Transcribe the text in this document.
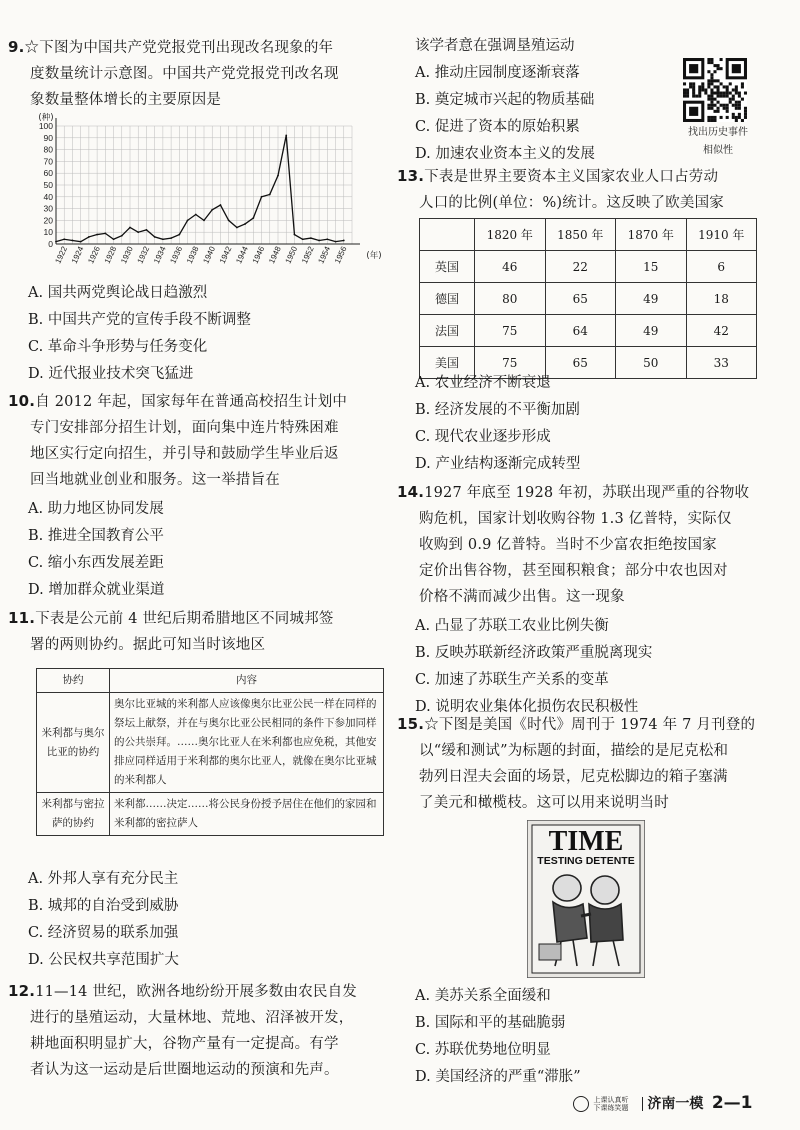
9.☆下图为中国共产党党报党刊出现改名现象的年
度数量统计示意图。中国共产党党报党刊改名现
象数量整体增长的主要原因是
0
10
20
30
40
50
60
70
80
90
100
(种)
(年)
1922 1924 1926 1928 1930 1932 1934 1936 1938 1940 1942 1944 1946 1948 1950 1952 1954 1956
A. 国共两党舆论战日趋激烈
B. 中国共产党的宣传手段不断调整
C. 革命斗争形势与任务变化
D. 近代报业技术突飞猛进
10.自 2012 年起，国家每年在普通高校招生计划中
专门安排部分招生计划，面向集中连片特殊困难
地区实行定向招生，并引导和鼓励学生毕业后返
回当地就业创业和服务。这一举措旨在
A. 助力地区协同发展
B. 推进全国教育公平
C. 缩小东西发展差距
D. 增加群众就业渠道
11.下表是公元前 4 世纪后期希腊地区不同城邦签
署的两则协约。据此可知当时该地区
协约	内容
米利都与奥尔比亚的协约	奥尔比亚城的米利都人应该像奥尔比亚公民一样在同样的祭坛上献祭，并在与奥尔比亚公民相同的条件下参加同样的公共崇拜。……奥尔比亚人在米利都也应免税，其他安排应同样适用于米利都的奥尔比亚人，就像在奥尔比亚城的米利都人
米利都与密拉萨的协约	米利都……决定……将公民身份授予居住在他们的家园和米利都的密拉萨人
A. 外邦人享有充分民主
B. 城邦的自治受到威胁
C. 经济贸易的联系加强
D. 公民权共享范围扩大
12.11—14 世纪，欧洲各地纷纷开展多数由农民自发
进行的垦殖运动，大量林地、荒地、沼泽被开发，
耕地面积明显扩大，谷物产量有一定提高。有学
者认为这一运动是后世圈地运动的预演和先声。
该学者意在强调垦殖运动
A. 推动庄园制度逐渐衰落
B. 奠定城市兴起的物质基础
C. 促进了资本的原始积累
D. 加速农业资本主义的发展
找出历史事件
相似性
13.下表是世界主要资本主义国家农业人口占劳动
人口的比例(单位：%)统计。这反映了欧美国家
	1820 年	1850 年	1870 年	1910 年
英国	46	22	15	6
德国	80	65	49	18
法国	75	64	49	42
美国	75	65	50	33
A. 农业经济不断衰退
B. 经济发展的不平衡加剧
C. 现代农业逐步形成
D. 产业结构逐渐完成转型
14.1927 年底至 1928 年初，苏联出现严重的谷物收
购危机，国家计划收购谷物 1.3 亿普特，实际仅
收购到 0.9 亿普特。当时不少富农拒绝按国家
定价出售谷物，甚至囤积粮食；部分中农也因对
价格不满而减少出售。这一现象
A. 凸显了苏联工农业比例失衡
B. 反映苏联新经济政策严重脱离现实
C. 加速了苏联生产关系的变革
D. 说明农业集体化损伤农民积极性
15.☆下图是美国《时代》周刊于 1974 年 7 月刊登的
以“缓和测试”为标题的封面，描绘的是尼克松和
勃列日涅夫会面的场景，尼克松脚边的箱子塞满
了美元和橄榄枝。这可以用来说明当时
TIME
TESTING DETENTE
A. 美苏关系全面缓和
B. 国际和平的基础脆弱
C. 苏联优势地位明显
D. 美国经济的严重“滞胀”
上课认真听 下课练笑题 济南一模 2—1
